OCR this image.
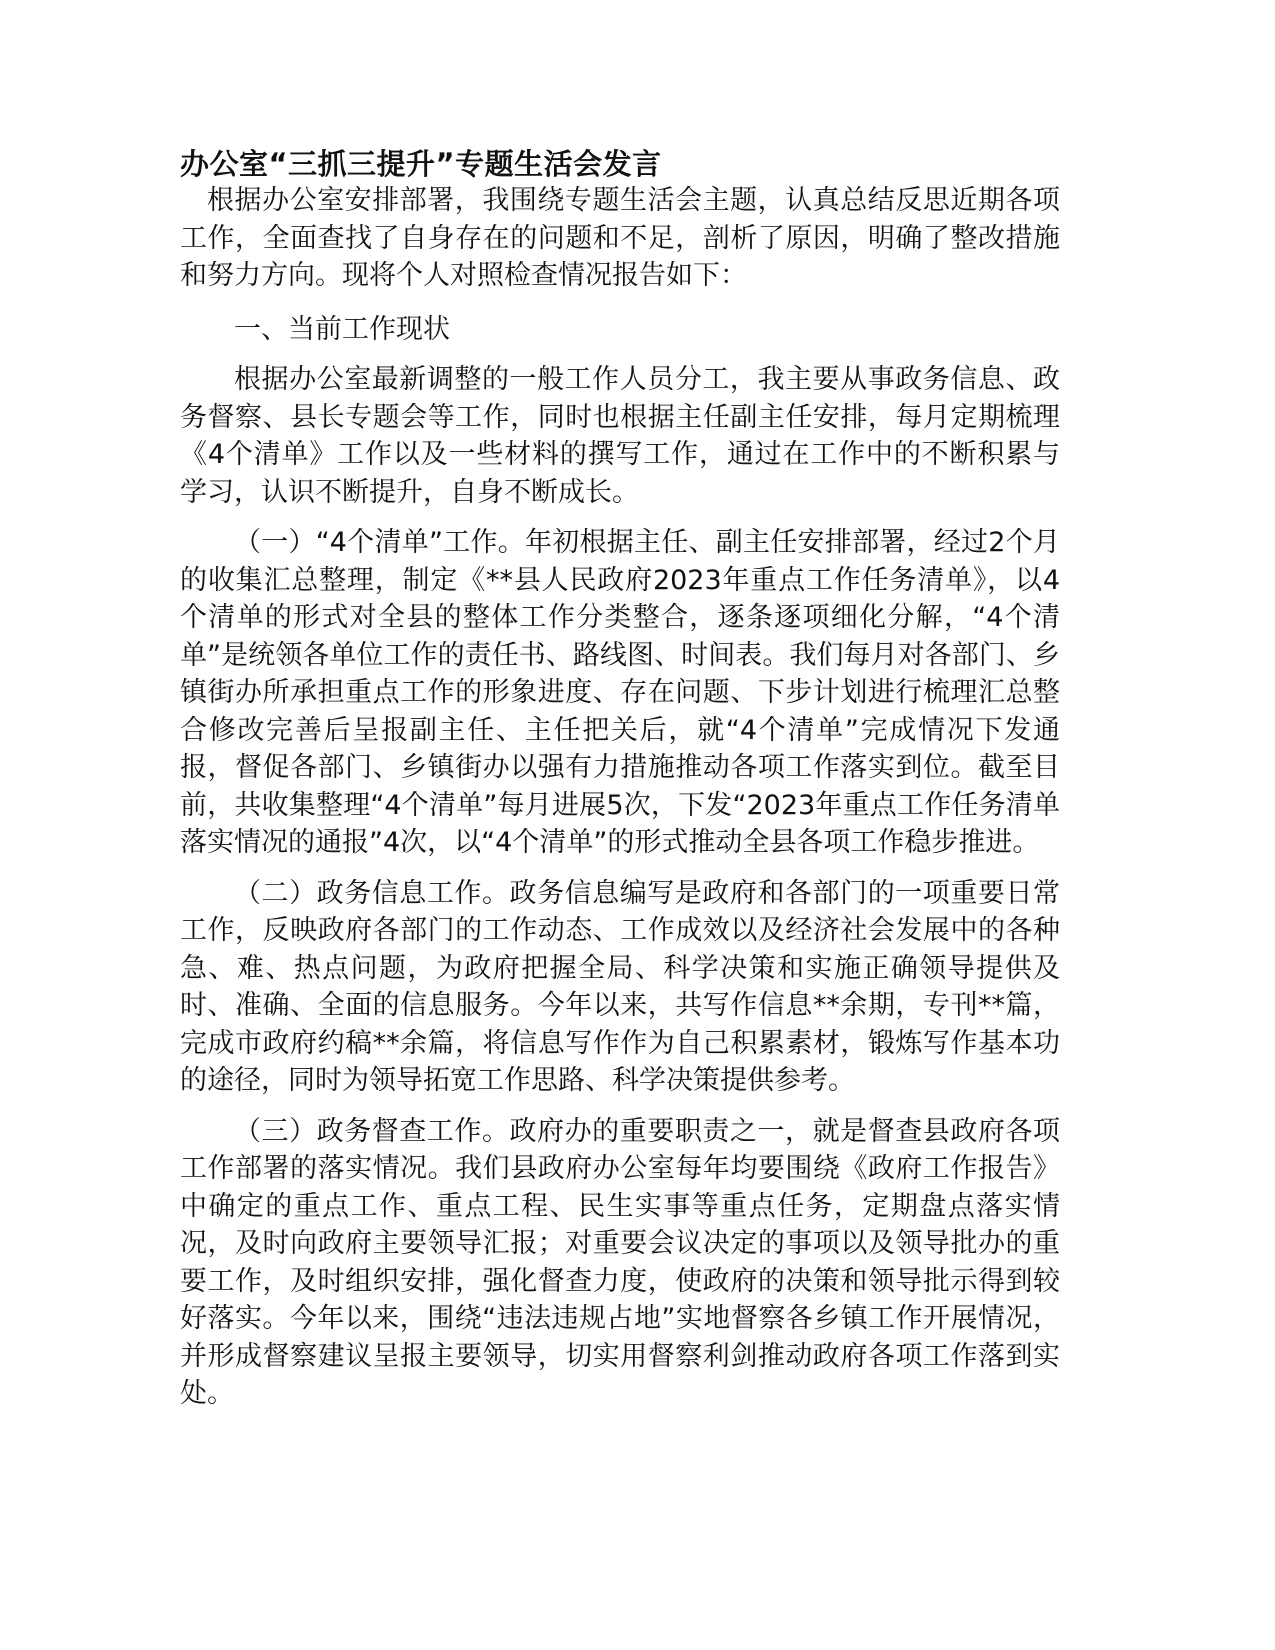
办公室“三抓三提升”专题生活会发言

根据办公室安排部署，我围绕专题生活会主题，认真总结反思近期各项工作，全面查找了自身存在的问题和不足，剖析了原因，明确了整改措施和努力方向。现将个人对照检查情况报告如下：

一、当前工作现状

根据办公室最新调整的一般工作人员分工，我主要从事政务信息、政务督察、县长专题会等工作，同时也根据主任副主任安排，每月定期梳理《4个清单》工作以及一些材料的撰写工作，通过在工作中的不断积累与学习，认识不断提升，自身不断成长。

（一）“4个清单”工作。年初根据主任、副主任安排部署，经过2个月的收集汇总整理，制定《**县人民政府2023年重点工作任务清单》，以4个清单的形式对全县的整体工作分类整合，逐条逐项细化分解，“4个清单”是统领各单位工作的责任书、路线图、时间表。我们每月对各部门、乡镇街办所承担重点工作的形象进度、存在问题、下步计划进行梳理汇总整合修改完善后呈报副主任、主任把关后，就“4个清单”完成情况下发通报，督促各部门、乡镇街办以强有力措施推动各项工作落实到位。截至目前，共收集整理“4个清单”每月进展5次，下发“2023年重点工作任务清单落实情况的通报”4次，以“4个清单”的形式推动全县各项工作稳步推进。

（二）政务信息工作。政务信息编写是政府和各部门的一项重要日常工作，反映政府各部门的工作动态、工作成效以及经济社会发展中的各种急、难、热点问题，为政府把握全局、科学决策和实施正确领导提供及时、准确、全面的信息服务。今年以来，共写作信息**余期，专刊**篇，完成市政府约稿**余篇，将信息写作作为自己积累素材，锻炼写作基本功的途径，同时为领导拓宽工作思路、科学决策提供参考。

（三）政务督查工作。政府办的重要职责之一，就是督查县政府各项工作部署的落实情况。我们县政府办公室每年均要围绕《政府工作报告》中确定的重点工作、重点工程、民生实事等重点任务，定期盘点落实情况，及时向政府主要领导汇报；对重要会议决定的事项以及领导批办的重要工作，及时组织安排，强化督查力度，使政府的决策和领导批示得到较好落实。今年以来，围绕“违法违规占地”实地督察各乡镇工作开展情况，并形成督察建议呈报主要领导，切实用督察利剑推动政府各项工作落到实处。
